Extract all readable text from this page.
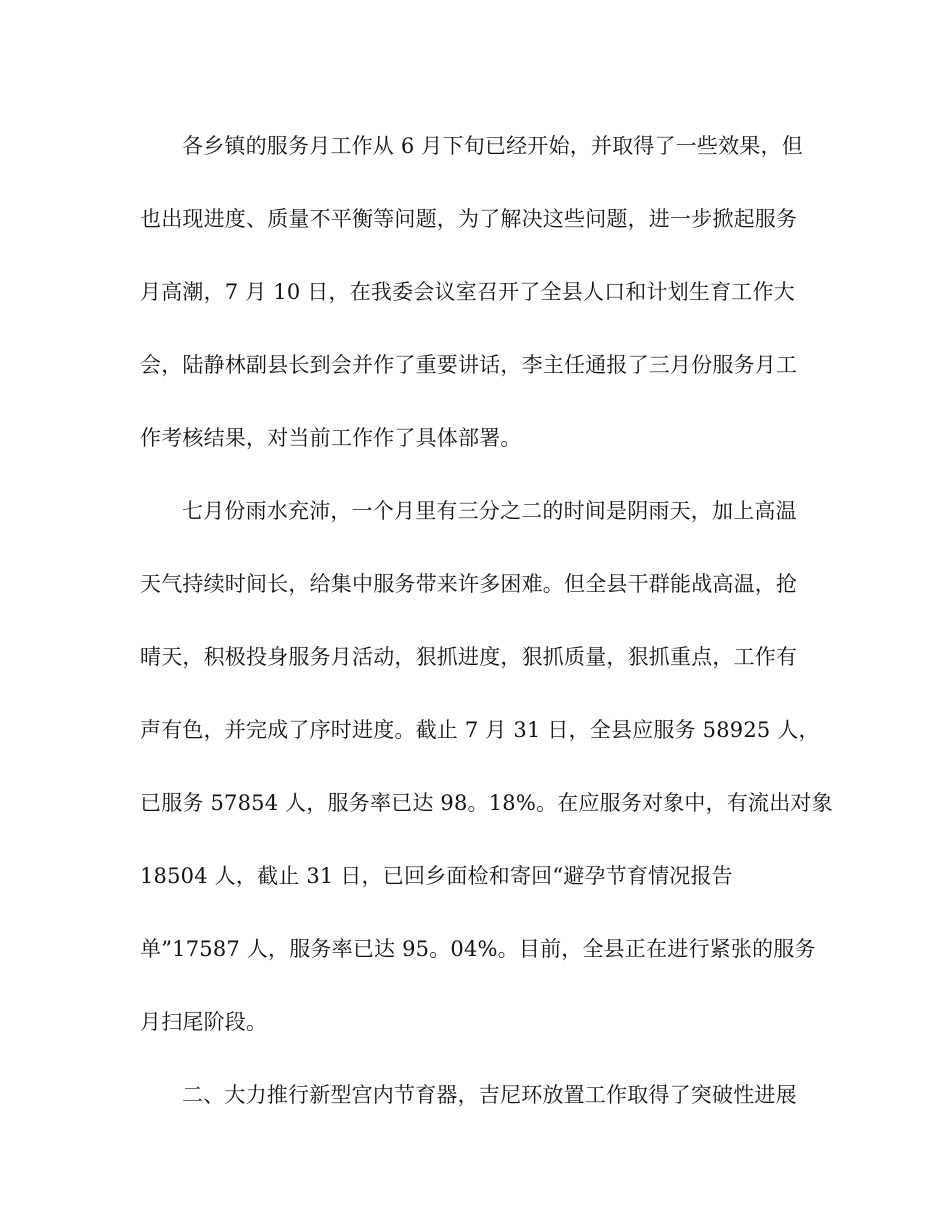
各乡镇的服务月工作从 6 月下旬已经开始，并取得了一些效果，但
也出现进度、质量不平衡等问题，为了解决这些问题，进一步掀起服务
月高潮，7 月 10 日，在我委会议室召开了全县人口和计划生育工作大
会，陆静林副县长到会并作了重要讲话，李主任通报了三月份服务月工
作考核结果，对当前工作作了具体部署。
七月份雨水充沛，一个月里有三分之二的时间是阴雨天，加上高温
天气持续时间长，给集中服务带来许多困难。但全县干群能战高温，抢
晴天，积极投身服务月活动，狠抓进度，狠抓质量，狠抓重点，工作有
声有色，并完成了序时进度。截止 7 月 31 日，全县应服务 58925 人，
已服务 57854 人，服务率已达 98。18%。在应服务对象中，有流出对象
18504 人，截止 31 日，已回乡面检和寄回“避孕节育情况报告
单”17587 人，服务率已达 95。04%。目前，全县正在进行紧张的服务
月扫尾阶段。
二、大力推行新型宫内节育器，吉尼环放置工作取得了突破性进展
